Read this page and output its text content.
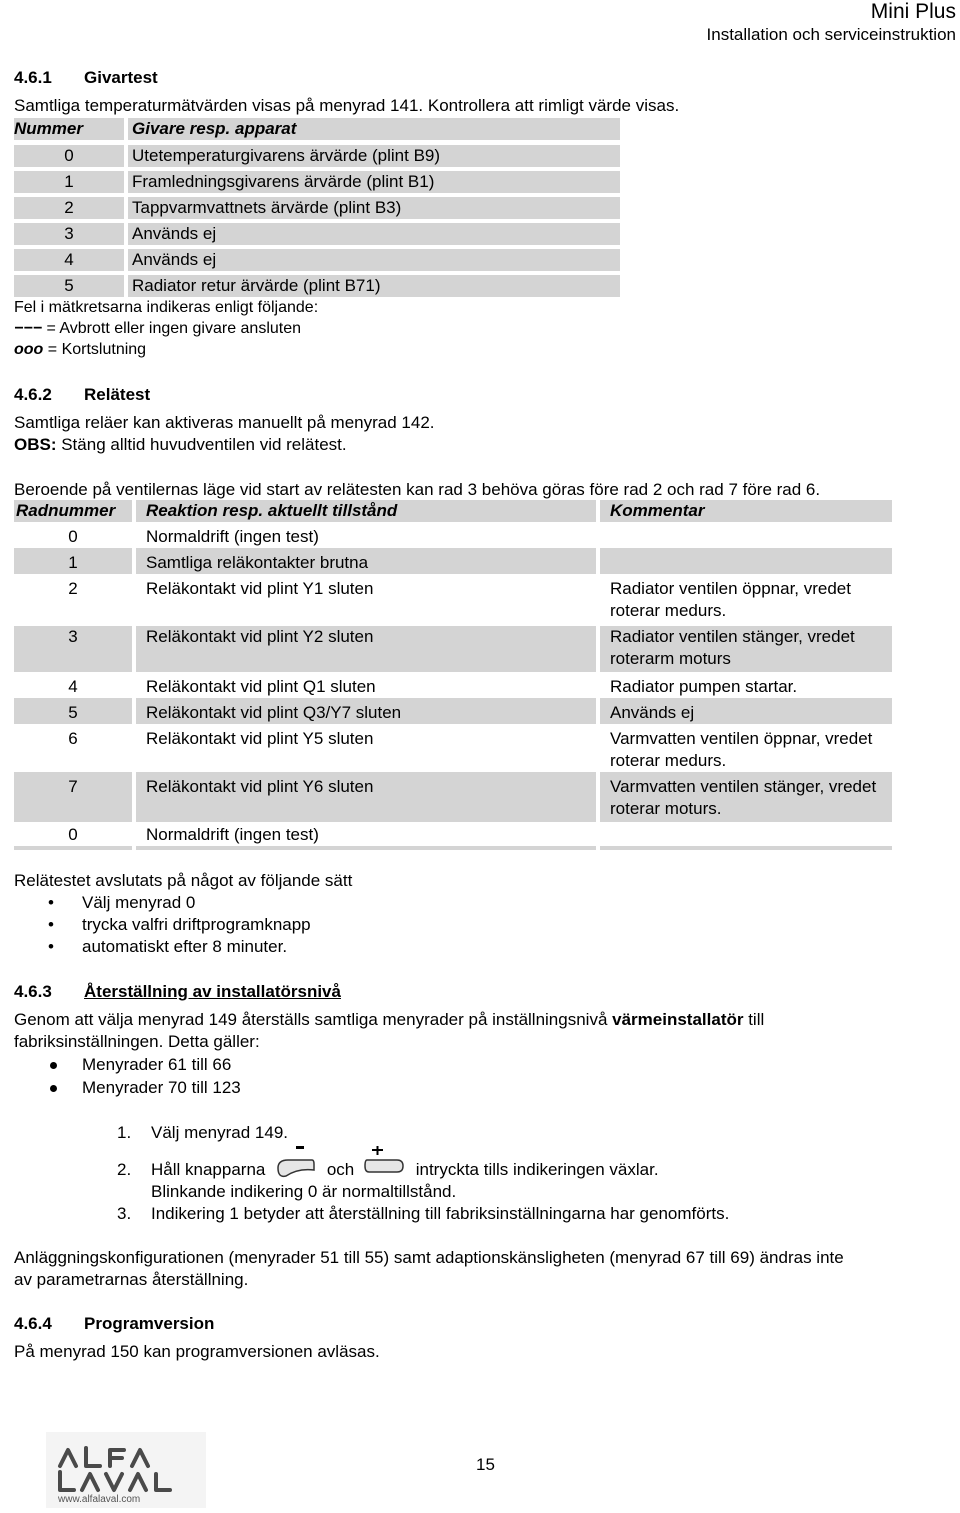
Mini Plus
Installation och serviceinstruktion
4.6.1 Givartest
Samtliga temperaturmätvärden visas på menyrad 141. Kontrollera att rimligt värde visas.
Nummer	Givare resp. apparat
0	Utetemperaturgivarens ärvärde (plint B9)
1	Framledningsgivarens ärvärde (plint B1)
2	Tappvarmvattnets ärvärde (plint B3)
3	Används ej
4	Används ej
5	Radiator retur ärvärde (plint B71)
Fel i mätkretsarna indikeras enligt följande:
−−− = Avbrott eller ingen givare ansluten
ooo = Kortslutning
4.6.2 Relätest
Samtliga reläer kan aktiveras manuellt på menyrad 142.
OBS: Stäng alltid huvudventilen vid relätest.
Beroende på ventilernas läge vid start av relätesten kan rad 3 behöva göras före rad 2 och rad 7 före rad 6.
Radnummer	Reaktion resp. aktuellt tillstånd	Kommentar
0	Normaldrift (ingen test)
1	Samtliga reläkontakter brutna
2	Reläkontakt vid plint Y1 sluten	Radiator ventilen öppnar, vredet roterar medurs.
3	Reläkontakt vid plint Y2 sluten	Radiator ventilen stänger, vredet roterarm moturs
4	Reläkontakt vid plint Q1 sluten	Radiator pumpen startar.
5	Reläkontakt vid plint Q3/Y7 sluten	Används ej
6	Reläkontakt vid plint Y5 sluten	Varmvatten ventilen öppnar, vredet roterar medurs.
7	Reläkontakt vid plint Y6 sluten	Varmvatten ventilen stänger, vredet roterar moturs.
0	Normaldrift (ingen test)
Relätestet avslutats på något av följande sätt
• Välj menyrad 0
• trycka valfri driftprogramknapp
• automatiskt efter 8 minuter.
4.6.3 Återställning av installatörsnivå
Genom att välja menyrad 149 återställs samtliga menyrader på inställningsnivå värmeinstallatör till
fabriksinställningen. Detta gäller:
Menyrader 61 till 66
Menyrader 70 till 123
1. Välj menyrad 149.
2. Håll knapparna	och	intryckta tills indikeringen växlar.
Blinkande indikering 0 är normaltillstånd.
3. Indikering 1 betyder att återställning till fabriksinställningarna har genomförts.
Anläggningskonfigurationen (menyrader 51 till 55) samt adaptionskänsligheten (menyrad 67 till 69) ändras inte
av parametrarnas återställning.
4.6.4 Programversion
På menyrad 150 kan programversionen avläsas.
www.alfalaval.com
15
